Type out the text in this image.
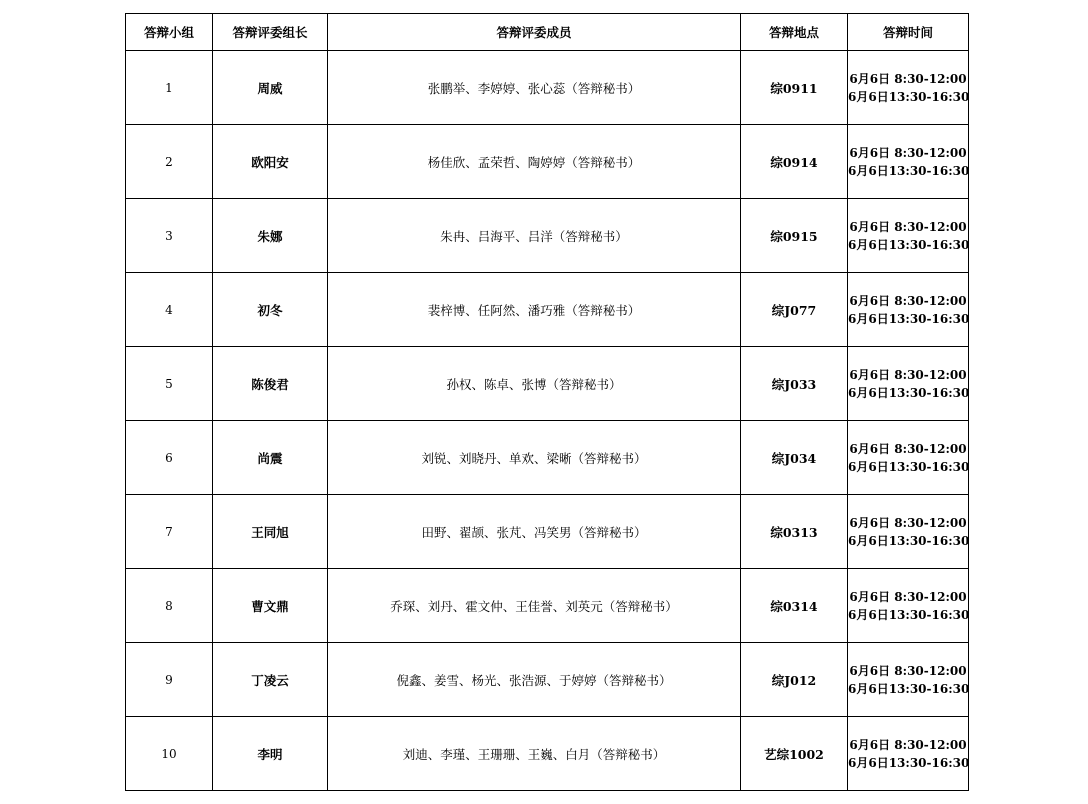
答辩小组	答辩评委组长	答辩评委成员	答辩地点	答辩时间
1	周威	张鹏举、李婷婷、张心蕊（答辩秘书）	综0911	6月6日 8:30-12:00
6月6日13:30-16:30

2	欧阳安	杨佳欣、孟荣哲、陶婷婷（答辩秘书）	综0914	6月6日 8:30-12:00
6月6日13:30-16:30

3	朱娜	朱冉、吕海平、吕洋（答辩秘书）	综0915	6月6日 8:30-12:00
6月6日13:30-16:30

4	初冬	裴梓博、任阿然、潘巧雅（答辩秘书）	综J077	6月6日 8:30-12:00
6月6日13:30-16:30

5	陈俊君	孙权、陈卓、张博（答辩秘书）	综J033	6月6日 8:30-12:00
6月6日13:30-16:30

6	尚震	刘锐、刘晓丹、单欢、梁晰（答辩秘书）	综J034	6月6日 8:30-12:00
6月6日13:30-16:30

7	王同旭	田野、翟颉、张芃、冯笑男（答辩秘书）	综0313	6月6日 8:30-12:00
6月6日13:30-16:30

8	曹文鼎	乔琛、刘丹、霍文仲、王佳誉、刘英元（答辩秘书）	综0314	6月6日 8:30-12:00
6月6日13:30-16:30

9	丁凌云	倪鑫、姜雪、杨光、张浩源、于婷婷（答辩秘书）	综J012	6月6日 8:30-12:00
6月6日13:30-16:30

10	李明	刘迪、李瑾、王珊珊、王巍、白月（答辩秘书）	艺综1002	6月6日 8:30-12:00
6月6日13:30-16:30
